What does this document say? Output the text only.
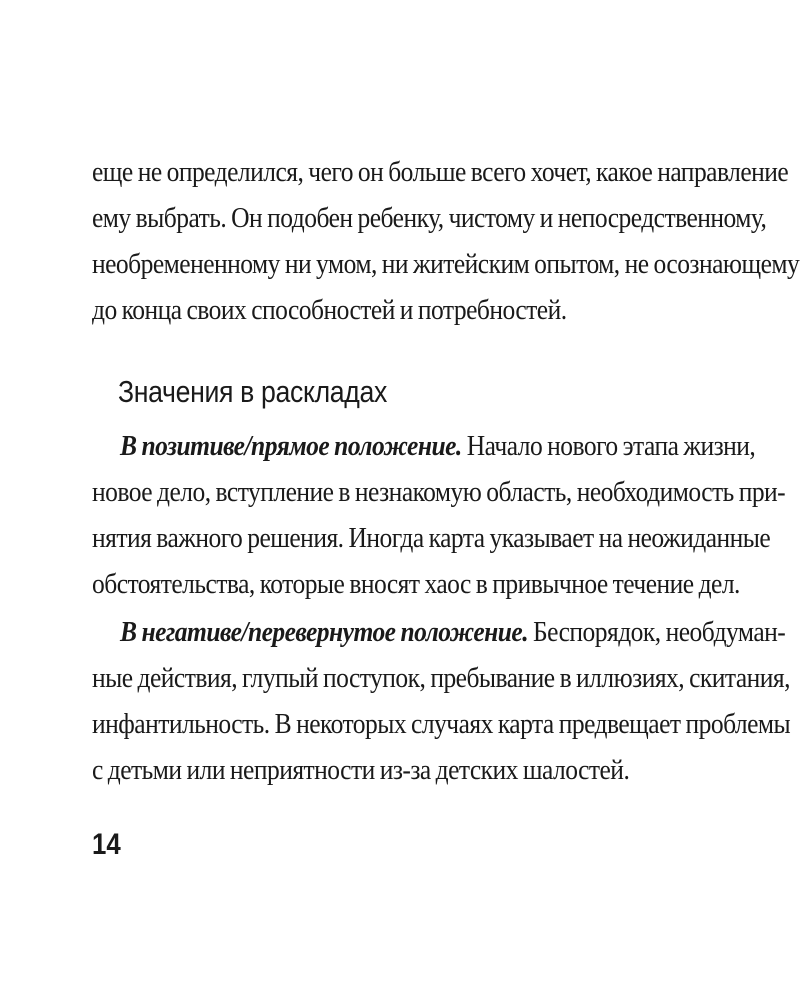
еще не определился, чего он больше всего хочет, какое направление
ему выбрать. Он подобен ребенку, чистому и непосредственному,
необремененному ни умом, ни житейским опытом, не осознающему
до конца своих способностей и потребностей.
Значения в раскладах
В позитиве/прямое положение. Начало нового этапа жизни,
новое дело, вступление в незнакомую область, необходимость при-
нятия важного решения. Иногда карта указывает на неожиданные
обстоятельства, которые вносят хаос в привычное течение дел.
В негативе/перевернутое положение. Беспорядок, необдуман-
ные действия, глупый поступок, пребывание в иллюзиях, скитания,
инфантильность. В некоторых случаях карта предвещает проблемы
с детьми или неприятности из-за детских шалостей.
14
